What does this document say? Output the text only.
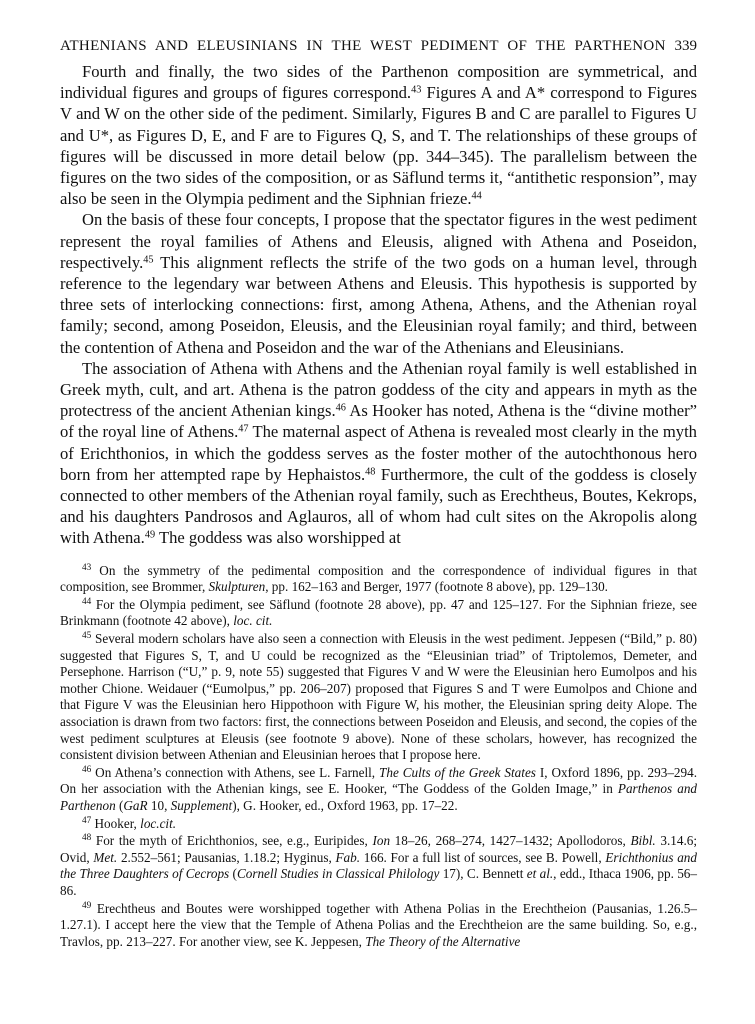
ATHENIANS AND ELEUSINIANS IN THE WEST PEDIMENT OF THE PARTHENON 339

Fourth and finally, the two sides of the Parthenon composition are symmetrical, and individual figures and groups of figures correspond.$^{43}$ Figures A and A* correspond to Figures V and W on the other side of the pediment. Similarly, Figures B and C are parallel to Figures U and U*, as Figures D, E, and F are to Figures Q, S, and T. The relationships of these groups of figures will be discussed in more detail below (pp. 344–345). The parallelism between the figures on the two sides of the composition, or as Säflund terms it, “antithetic responsion”, may also be seen in the Olympia pediment and the Siphnian frieze.$^{44}$

On the basis of these four concepts, I propose that the spectator figures in the west pediment represent the royal families of Athens and Eleusis, aligned with Athena and Poseidon, respectively.$^{45}$ This alignment reflects the strife of the two gods on a human level, through reference to the legendary war between Athens and Eleusis. This hypothesis is supported by three sets of interlocking connections: first, among Athena, Athens, and the Athenian royal family; second, among Poseidon, Eleusis, and the Eleusinian royal family; and third, between the contention of Athena and Poseidon and the war of the Athenians and Eleusinians.

The association of Athena with Athens and the Athenian royal family is well established in Greek myth, cult, and art. Athena is the patron goddess of the city and appears in myth as the protectress of the ancient Athenian kings.$^{46}$ As Hooker has noted, Athena is the “divine mother” of the royal line of Athens.$^{47}$ The maternal aspect of Athena is revealed most clearly in the myth of Erichthonios, in which the goddess serves as the foster mother of the autochthonous hero born from her attempted rape by Hephaistos.$^{48}$ Furthermore, the cult of the goddess is closely connected to other members of the Athenian royal family, such as Erechtheus, Boutes, Kekrops, and his daughters Pandrosos and Aglauros, all of whom had cult sites on the Akropolis along with Athena.$^{49}$ The goddess was also worshipped at

$^{43}$ On the symmetry of the pedimental composition and the correspondence of individual figures in that composition, see Brommer, Skulpturen, pp. 162–163 and Berger, 1977 (footnote 8 above), pp. 129–130.

$^{44}$ For the Olympia pediment, see Säflund (footnote 28 above), pp. 47 and 125–127. For the Siphnian frieze, see Brinkmann (footnote 42 above), loc. cit.

$^{45}$ Several modern scholars have also seen a connection with Eleusis in the west pediment. Jeppesen (“Bild,” p. 80) suggested that Figures S, T, and U could be recognized as the “Eleusinian triad” of Triptolemos, Demeter, and Persephone. Harrison (“U,” p. 9, note 55) suggested that Figures V and W were the Eleusinian hero Eumolpos and his mother Chione. Weidauer (“Eumolpus,” pp. 206–207) proposed that Figures S and T were Eumolpos and Chione and that Figure V was the Eleusinian hero Hippothoon with Figure W, his mother, the Eleusinian spring deity Alope. The association is drawn from two factors: first, the connections between Poseidon and Eleusis, and second, the copies of the west pediment sculptures at Eleusis (see footnote 9 above). None of these scholars, however, has recognized the consistent division between Athenian and Eleusinian heroes that I propose here.

$^{46}$ On Athena’s connection with Athens, see L. Farnell, The Cults of the Greek States I, Oxford 1896, pp. 293–294. On her association with the Athenian kings, see E. Hooker, “The Goddess of the Golden Image,” in Parthenos and Parthenon (GaR 10, Supplement), G. Hooker, ed., Oxford 1963, pp. 17–22.

$^{47}$ Hooker, loc.cit.

$^{48}$ For the myth of Erichthonios, see, e.g., Euripides, Ion 18–26, 268–274, 1427–1432; Apollodoros, Bibl. 3.14.6; Ovid, Met. 2.552–561; Pausanias, 1.18.2; Hyginus, Fab. 166. For a full list of sources, see B. Powell, Erichthonius and the Three Daughters of Cecrops (Cornell Studies in Classical Philology 17), C. Bennett et al., edd., Ithaca 1906, pp. 56–86.

$^{49}$ Erechtheus and Boutes were worshipped together with Athena Polias in the Erechtheion (Pausanias, 1.26.5–1.27.1). I accept here the view that the Temple of Athena Polias and the Erechtheion are the same building. So, e.g., Travlos, pp. 213–227. For another view, see K. Jeppesen, The Theory of the Alternative
